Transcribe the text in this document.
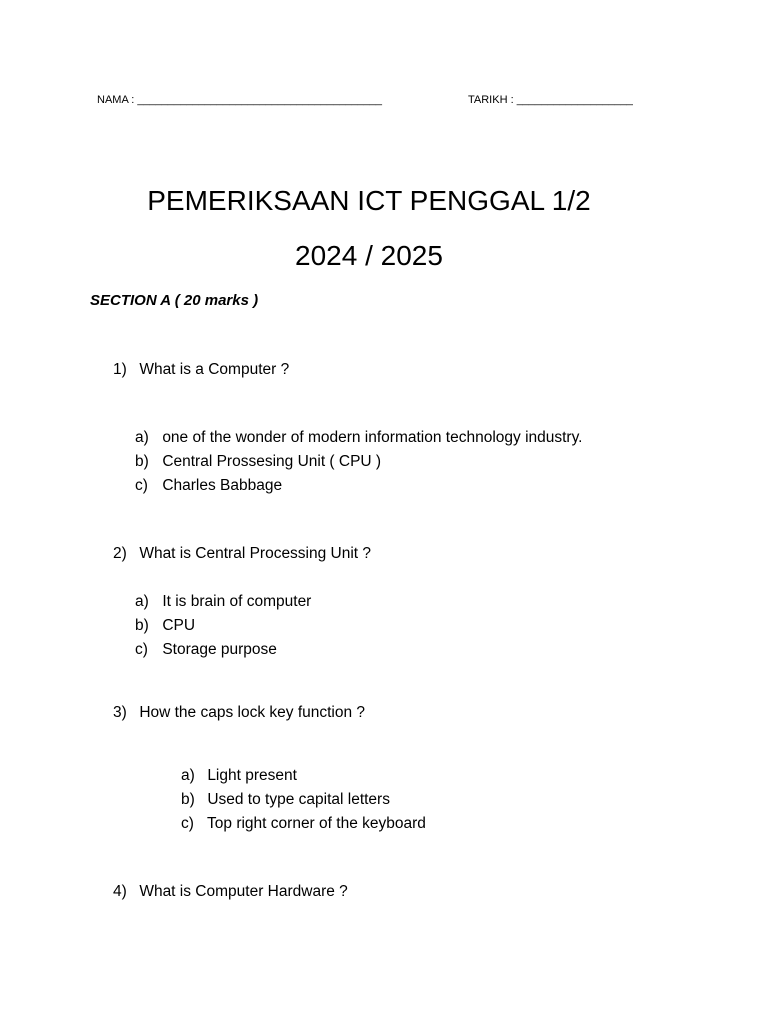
NAMA : ________________________________________	TARIKH : ___________________
PEMERIKSAAN ICT PENGGAL 1/2
2024 / 2025
SECTION A ( 20 marks )
1) What is a Computer ?
a) one of the wonder of modern information technology industry.
b) Central Prossesing Unit ( CPU )
c) Charles Babbage
2) What is Central Processing Unit ?
a) It is brain of computer
b) CPU
c) Storage purpose
3) How the caps lock key function ?
a) Light present
b) Used to type capital letters
c) Top right corner of the keyboard
4) What is Computer Hardware ?
